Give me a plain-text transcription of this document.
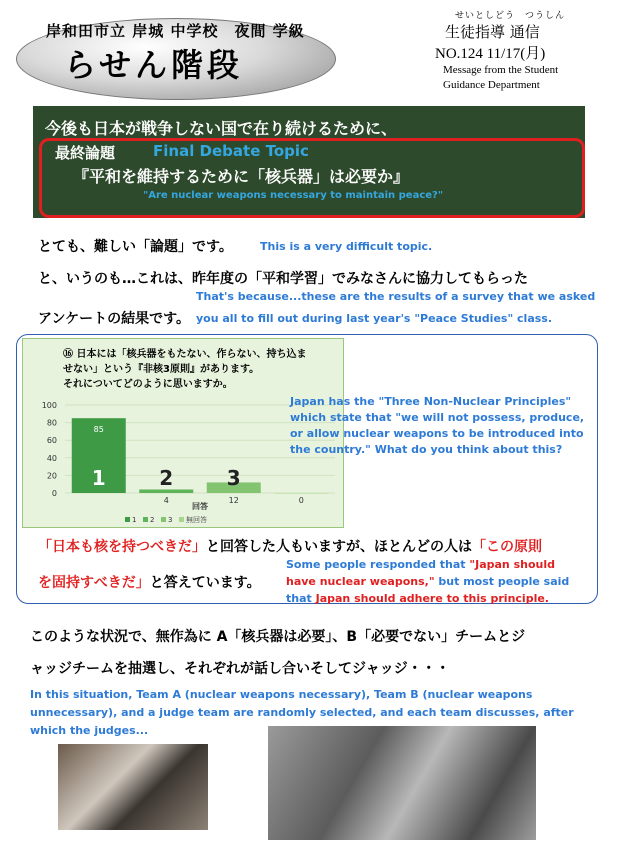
岸和田市立 岸城 中学校　夜間 学級
らせん階段
せいとしどう　つうしん
生徒指導 通信
NO.124 11/17(月)
Message from the Student
Guidance Department
今後も日本が戦争しない国で在り続けるために、
最終論題	Final Debate Topic
『平和を維持するために「核兵器」は必要か』
"Are nuclear weapons necessary to maintain peace?"
とても、難しい「論題」です。 This is a very difficult topic.
と、いうのも…これは、昨年度の「平和学習」でみなさんに協力してもらった
That's because...these are the results of a survey that we asked
アンケートの結果です。 you all to fill out during last year's "Peace Studies" class.
⑯ 日本には「核兵器をもたない、作らない、持ち込ま
せない」という『非核3原則』があります。
それについてどのように思いますか。
0
20
40
60
80
100
85
1
4
2
12
3
0
回答
1 2 3 無回答
Japan has the "Three Non-Nuclear Principles" which state that "we will not possess, produce, or allow nuclear weapons to be introduced into the country." What do you think about this?
「日本も核を持つべきだ」と回答した人もいますが、ほとんどの人は「この原則
を固持すべきだ」と答えています。
Some people responded that "Japan should have nuclear weapons," but most people said that Japan should adhere to this principle.
このような状況で、無作為に A「核兵器は必要」、B「必要でない」チームとジ
ャッジチームを抽選し、それぞれが話し合いそしてジャッジ・・・
In this situation, Team A (nuclear weapons necessary), Team B (nuclear weapons unnecessary), and a judge team are randomly selected, and each team discusses, after which the judges...
